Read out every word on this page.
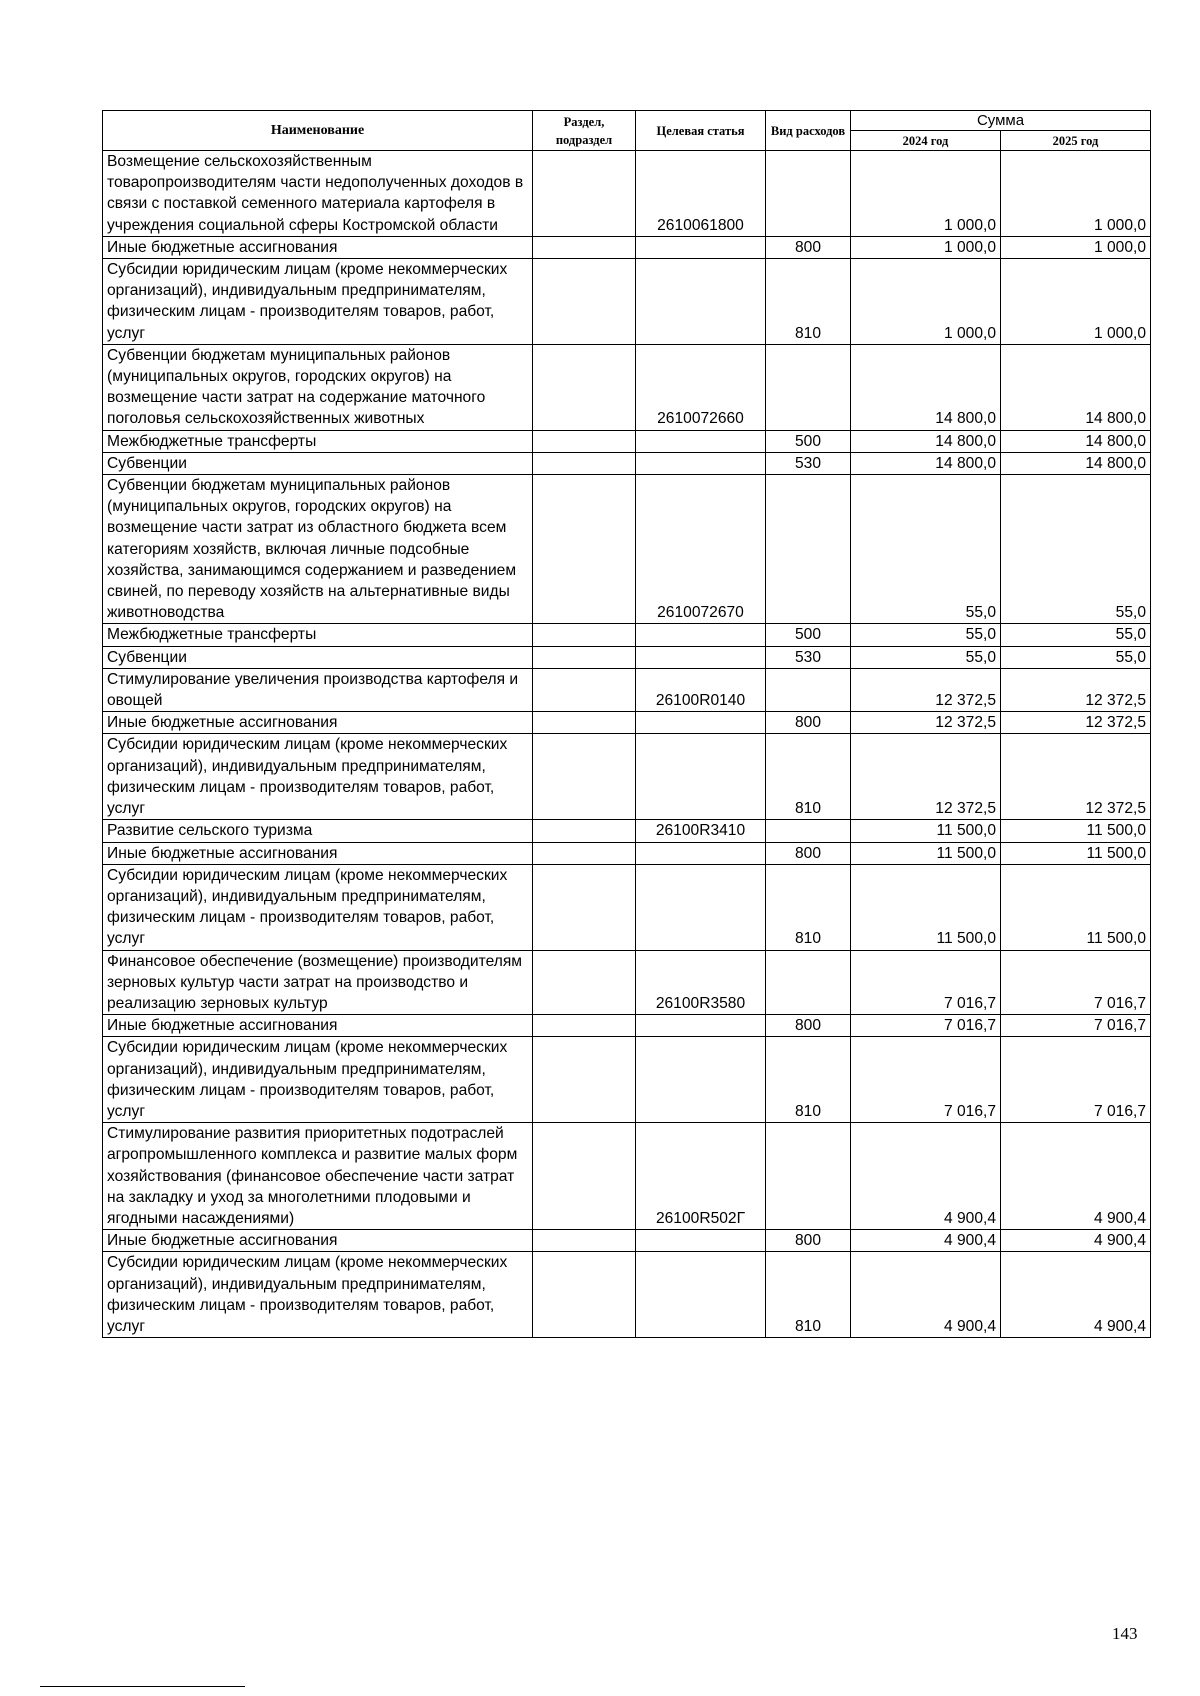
Наименование	Раздел, подраздел	Целевая статья	Вид расходов	Сумма	
				2024 год	2025 год
Возмещение сельскохозяйственным товаропроизводителям части недополученных доходов в связи с поставкой семенного материала картофеля в учреждения социальной сферы Костромской области		2610061800		1 000,0	1 000,0
Иные бюджетные ассигнования			800	1 000,0	1 000,0
Субсидии юридическим лицам (кроме некоммерческих организаций), индивидуальным предпринимателям, физическим лицам - производителям товаров, работ, услуг			810	1 000,0	1 000,0
Субвенции бюджетам муниципальных районов (муниципальных округов, городских округов) на возмещение части затрат на содержание маточного поголовья сельскохозяйственных животных		2610072660		14 800,0	14 800,0
Межбюджетные трансферты			500	14 800,0	14 800,0
Субвенции			530	14 800,0	14 800,0
Субвенции бюджетам муниципальных районов (муниципальных округов, городских округов) на возмещение части затрат из областного бюджета всем категориям хозяйств, включая личные подсобные хозяйства, занимающимся содержанием и разведением свиней, по переводу хозяйств на альтернативные виды животноводства		2610072670		55,0	55,0
Межбюджетные трансферты			500	55,0	55,0
Субвенции			530	55,0	55,0
Стимулирование увеличения производства картофеля и овощей		26100R0140		12 372,5	12 372,5
Иные бюджетные ассигнования			800	12 372,5	12 372,5
Субсидии юридическим лицам (кроме некоммерческих организаций), индивидуальным предпринимателям, физическим лицам - производителям товаров, работ, услуг			810	12 372,5	12 372,5
Развитие сельского туризма		26100R3410		11 500,0	11 500,0
Иные бюджетные ассигнования			800	11 500,0	11 500,0
Субсидии юридическим лицам (кроме некоммерческих организаций), индивидуальным предпринимателям, физическим лицам - производителям товаров, работ, услуг			810	11 500,0	11 500,0
Финансовое обеспечение (возмещение) производителям зерновых культур части затрат на производство и реализацию зерновых культур		26100R3580		7 016,7	7 016,7
Иные бюджетные ассигнования			800	7 016,7	7 016,7
Субсидии юридическим лицам (кроме некоммерческих организаций), индивидуальным предпринимателям, физическим лицам - производителям товаров, работ, услуг			810	7 016,7	7 016,7
Стимулирование развития приоритетных подотраслей агропромышленного комплекса и развитие малых форм хозяйствования (финансовое обеспечение части затрат на закладку и уход за многолетними плодовыми и ягодными насаждениями)		26100R502Г		4 900,4	4 900,4
Иные бюджетные ассигнования			800	4 900,4	4 900,4
Субсидии юридическим лицам (кроме некоммерческих организаций), индивидуальным предпринимателям, физическим лицам - производителям товаров, работ, услуг			810	4 900,4	4 900,4
143
